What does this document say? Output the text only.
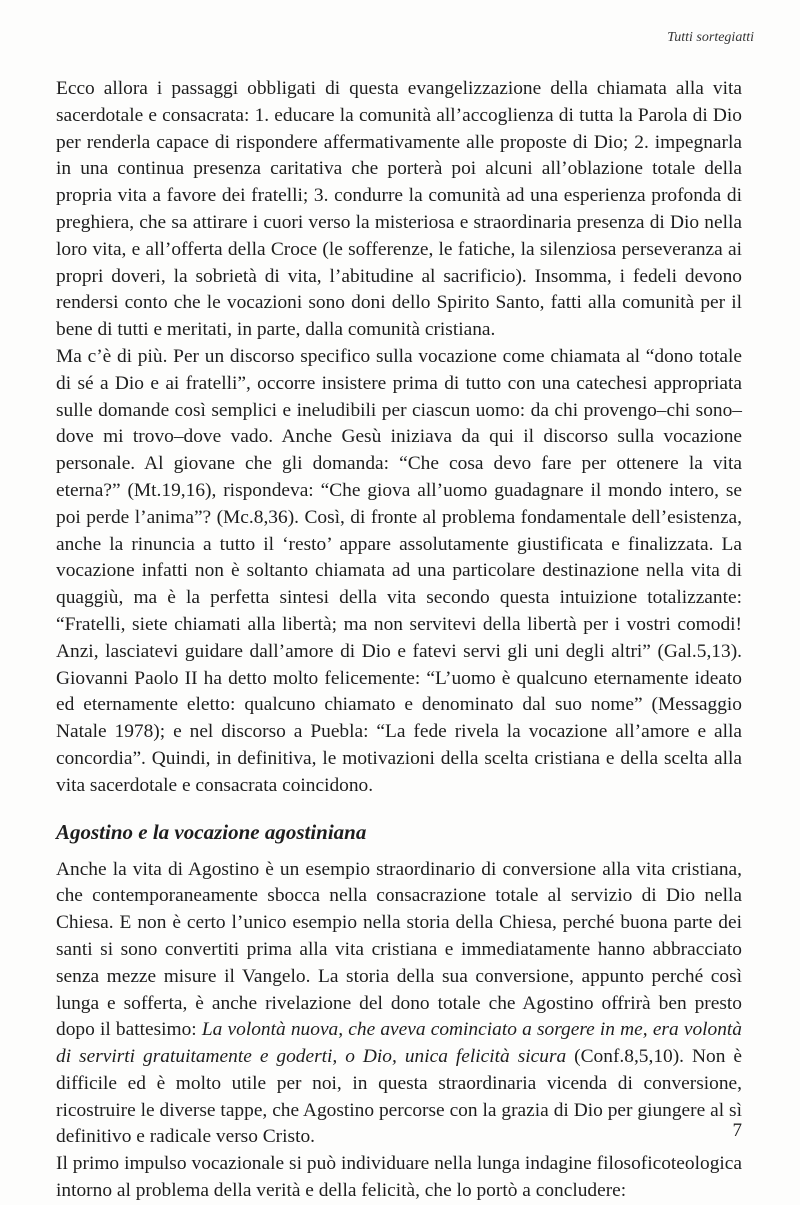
Tutti sortegiatti

Ecco allora i passaggi obbligati di questa evangelizzazione della chiamata alla vita sacerdotale e consacrata: 1. educare la comunità all’accoglienza di tutta la Parola di Dio per renderla capace di rispondere affermativamente alle proposte di Dio; 2. impegnarla in una continua presenza caritativa che porterà poi alcuni all’oblazione totale della propria vita a favore dei fratelli; 3. condurre la comunità ad una esperienza profonda di preghiera, che sa attirare i cuori verso la misteriosa e straordinaria presenza di Dio nella loro vita, e all’offerta della Croce (le sofferenze, le fatiche, la silenziosa perseveranza ai propri doveri, la sobrietà di vita, l’abitudine al sacrificio). Insomma, i fedeli devono rendersi conto che le vocazioni sono doni dello Spirito Santo, fatti alla comunità per il bene di tutti e meritati, in parte, dalla comunità cristiana.

Ma c’è di più. Per un discorso specifico sulla vocazione come chiamata al “dono totale di sé a Dio e ai fratelli”, occorre insistere prima di tutto con una catechesi appropriata sulle domande così semplici e ineludibili per ciascun uomo: da chi provengo–chi sono–dove mi trovo–dove vado. Anche Gesù iniziava da qui il discorso sulla vocazione personale. Al giovane che gli domanda: “Che cosa devo fare per ottenere la vita eterna?” (Mt.19,16), rispondeva: “Che giova all’uomo guadagnare il mondo intero, se poi perde l’anima”? (Mc.8,36). Così, di fronte al problema fondamentale dell’esistenza, anche la rinuncia a tutto il ‘resto’ appare assolutamente giustificata e finalizzata. La vocazione infatti non è soltanto chiamata ad una particolare destinazione nella vita di quaggiù, ma è la perfetta sintesi della vita secondo questa intuizione totalizzante: “Fratelli, siete chiamati alla libertà; ma non servitevi della libertà per i vostri comodi! Anzi, lasciatevi guidare dall’amore di Dio e fatevi servi gli uni degli altri” (Gal.5,13). Giovanni Paolo II ha detto molto felicemente: “L’uomo è qualcuno eternamente ideato ed eternamente eletto: qualcuno chiamato e denominato dal suo nome” (Messaggio Natale 1978); e nel discorso a Puebla: “La fede rivela la vocazione all’amore e alla concordia”. Quindi, in definitiva, le motivazioni della scelta cristiana e della scelta alla vita sacerdotale e consacrata coincidono.

Agostino e la vocazione agostiniana

Anche la vita di Agostino è un esempio straordinario di conversione alla vita cristiana, che contemporaneamente sbocca nella consacrazione totale al servizio di Dio nella Chiesa. E non è certo l’unico esempio nella storia della Chiesa, perché buona parte dei santi si sono convertiti prima alla vita cristiana e immediatamente hanno abbracciato senza mezze misure il Vangelo. La storia della sua conversione, appunto perché così lunga e sofferta, è anche rivelazione del dono totale che Agostino offrirà ben presto dopo il battesimo: La volontà nuova, che aveva cominciato a sorgere in me, era volontà di servirti gratuitamente e goderti, o Dio, unica felicità sicura (Conf.8,5,10). Non è difficile ed è molto utile per noi, in questa straordinaria vicenda di conversione, ricostruire le diverse tappe, che Agostino percorse con la grazia di Dio per giungere al sì definitivo e radicale verso Cristo.

Il primo impulso vocazionale si può individuare nella lunga indagine filosoficoteologica intorno al problema della verità e della felicità, che lo portò a concludere:

7
